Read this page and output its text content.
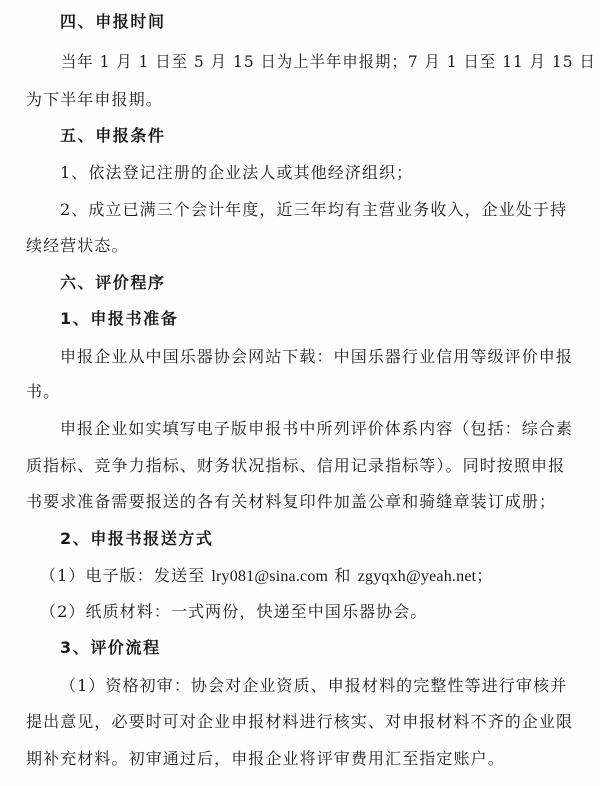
四、申报时间
当年 1 月 1 日至 5 月 15 日为上半年申报期；7 月 1 日至 11 月 15 日
为下半年申报期。
五、申报条件
1、依法登记注册的企业法人或其他经济组织；
2、成立已满三个会计年度，近三年均有主营业务收入，企业处于持
续经营状态。
六、评价程序
1、申报书准备
申报企业从中国乐器协会网站下载：中国乐器行业信用等级评价申报
书。
申报企业如实填写电子版申报书中所列评价体系内容（包括：综合素
质指标、竞争力指标、财务状况指标、信用记录指标等）。同时按照申报
书要求准备需要报送的各有关材料复印件加盖公章和骑缝章装订成册；
2、申报书报送方式
（1）电子版：发送至 lry081@sina.com 和 zgyqxh@yeah.net；
（2）纸质材料：一式两份，快递至中国乐器协会。
3、评价流程
（1）资格初审：协会对企业资质、申报材料的完整性等进行审核并
提出意见，必要时可对企业申报材料进行核实、对申报材料不齐的企业限
期补充材料。初审通过后，申报企业将评审费用汇至指定账户。
